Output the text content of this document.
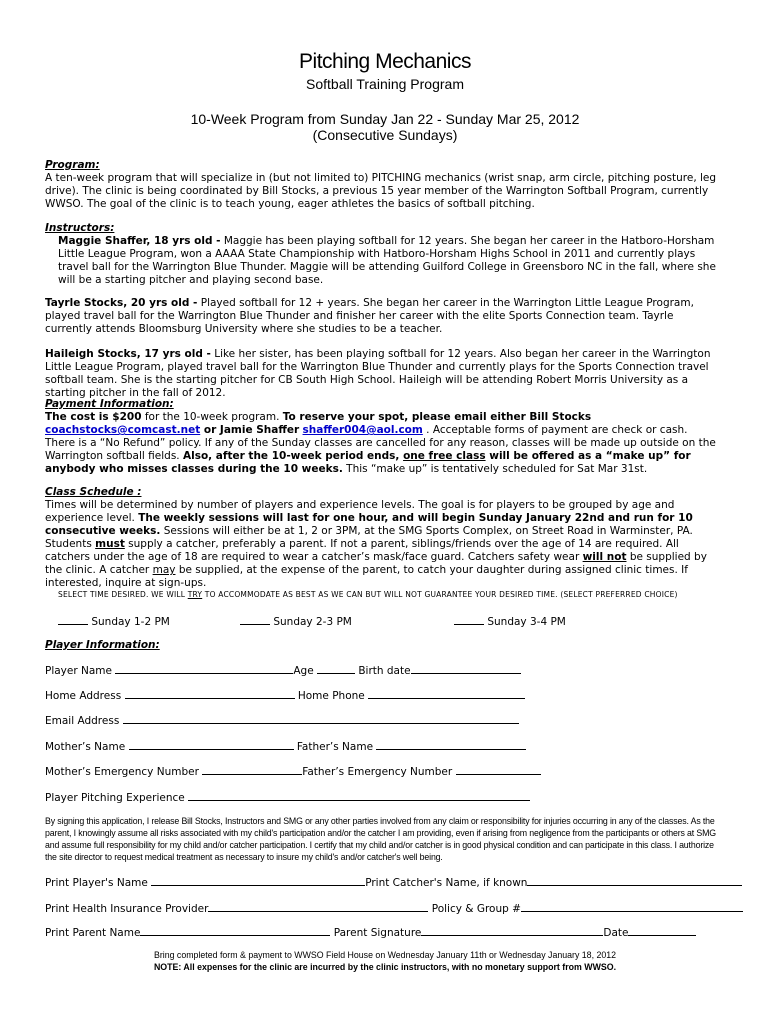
Pitching Mechanics
Softball Training Program
10-Week Program from Sunday Jan 22 - Sunday Mar 25, 2012
(Consecutive Sundays)
Program:
A ten-week program that will specialize in (but not limited to) PITCHING mechanics (wrist snap, arm circle, pitching posture, leg drive). The clinic is being coordinated by Bill Stocks, a previous 15 year member of the Warrington Softball Program, currently WWSO. The goal of the clinic is to teach young, eager athletes the basics of softball pitching.
Instructors:
Maggie Shaffer, 18 yrs old - Maggie has been playing softball for 12 years. She began her career in the Hatboro-Horsham Little League Program, won a AAAA State Championship with Hatboro-Horsham Highs School in 2011 and currently plays travel ball for the Warrington Blue Thunder. Maggie will be attending Guilford College in Greensboro NC in the fall, where she will be a starting pitcher and playing second base.
Tayrle Stocks, 20 yrs old - Played softball for 12 + years. She began her career in the Warrington Little League Program, played travel ball for the Warrington Blue Thunder and finisher her career with the elite Sports Connection team. Tayrle currently attends Bloomsburg University where she studies to be a teacher.
Haileigh Stocks, 17 yrs old - Like her sister, has been playing softball for 12 years. Also began her career in the Warrington Little League Program, played travel ball for the Warrington Blue Thunder and currently plays for the Sports Connection travel softball team. She is the starting pitcher for CB South High School. Haileigh will be attending Robert Morris University as a starting pitcher in the fall of 2012.
Payment Information:
The cost is $200 for the 10-week program. To reserve your spot, please email either Bill Stocks coachstocks@comcast.net or Jamie Shaffer shaffer004@aol.com . Acceptable forms of payment are check or cash. There is a “No Refund” policy. If any of the Sunday classes are cancelled for any reason, classes will be made up outside on the Warrington softball fields. Also, after the 10-week period ends, one free class will be offered as a “make up” for anybody who misses classes during the 10 weeks. This “make up” is tentatively scheduled for Sat Mar 31st.
Class Schedule :
Times will be determined by number of players and experience levels. The goal is for players to be grouped by age and experience level. The weekly sessions will last for one hour, and will begin Sunday January 22nd and run for 10 consecutive weeks. Sessions will either be at 1, 2 or 3PM, at the SMG Sports Complex, on Street Road in Warminster, PA. Students must supply a catcher, preferably a parent. If not a parent, siblings/friends over the age of 14 are required. All catchers under the age of 18 are required to wear a catcher’s mask/face guard. Catchers safety wear will not be supplied by the clinic. A catcher may be supplied, at the expense of the parent, to catch your daughter during assigned clinic times. If interested, inquire at sign-ups.
SELECT TIME DESIRED. WE WILL TRY TO ACCOMMODATE AS BEST AS WE CAN BUT WILL NOT GUARANTEE YOUR DESIRED TIME. (SELECT PREFERRED CHOICE)
Sunday 1-2 PM	Sunday 2-3 PM	Sunday 3-4 PM
Player Information:
Player Name	Age	Birth date
Home Address	Home Phone
Email Address
Mother’s Name	Father’s Name
Mother’s Emergency Number	Father’s Emergency Number
Player Pitching Experience
By signing this application, I release Bill Stocks, Instructors and SMG or any other parties involved from any claim or responsibility for injuries occurring in any of the classes. As the parent, I knowingly assume all risks associated with my child's participation and/or the catcher I am providing, even if arising from negligence from the participants or others at SMG and assume full responsibility for my child and/or catcher participation. I certify that my child and/or catcher is in good physical condition and can participate in this class. I authorize the site director to request medical treatment as necessary to insure my child's and/or catcher's well being.
Print Player's Name	Print Catcher's Name, if known
Print Health Insurance Provider	Policy & Group #
Print Parent Name	Parent Signature	Date
Bring completed form & payment to WWSO Field House on Wednesday January 11th or Wednesday January 18, 2012
NOTE: All expenses for the clinic are incurred by the clinic instructors, with no monetary support from WWSO.
